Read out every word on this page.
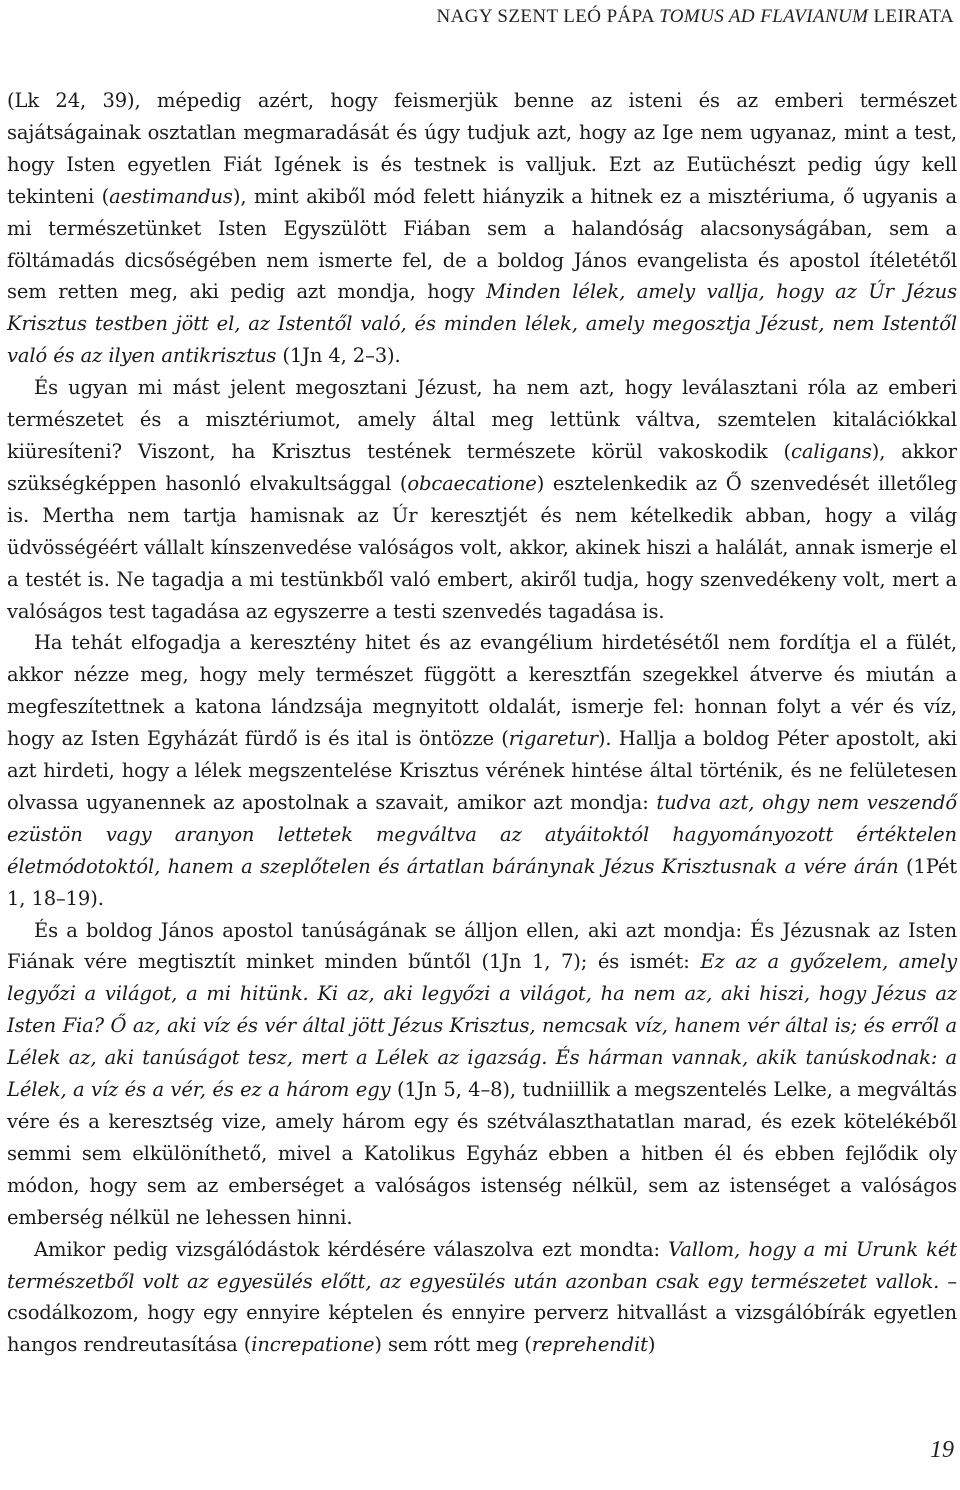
NAGY SZENT LEÓ PÁPA TOMUS AD FLAVIANUM LEIRATA

(Lk 24, 39), mépedig azért, hogy feismerjük benne az isteni és az emberi természet sajátságainak osztatlan megmaradását és úgy tudjuk azt, hogy az Ige nem ugyanaz, mint a test, hogy Isten egyetlen Fiát Igének is és testnek is valljuk. Ezt az Eutüchészt pedig úgy kell tekinteni (aestimandus), mint akiből mód felett hiányzik a hitnek ez a misztériuma, ő ugyanis a mi természetünket Isten Egyszülött Fiában sem a halandóság alacsonyságában, sem a föltámadás dicsőségében nem ismerte fel, de a boldog János evangelista és apostol ítéletétől sem retten meg, aki pedig azt mondja, hogy Minden lélek, amely vallja, hogy az Úr Jézus Krisztus testben jött el, az Istentől való, és minden lélek, amely megosztja Jézust, nem Istentől való és az ilyen antikrisztus (1Jn 4, 2–3).

És ugyan mi mást jelent megosztani Jézust, ha nem azt, hogy leválasztani róla az emberi természetet és a misztériumot, amely által meg lettünk váltva, szemtelen kitalációkkal kiüresíteni? Viszont, ha Krisztus testének természete körül vakoskodik (caligans), akkor szükségképpen hasonló elvakultsággal (obcaecatione) esztelenkedik az Ő szenvedését illetőleg is. Mertha nem tartja hamisnak az Úr keresztjét és nem kételkedik abban, hogy a világ üdvösségéért vállalt kínszenvedése valóságos volt, akkor, akinek hiszi a halálát, annak ismerje el a testét is. Ne tagadja a mi testünkből való embert, akiről tudja, hogy szenvedékeny volt, mert a valóságos test tagadása az egyszerre a testi szenvedés tagadása is.

Ha tehát elfogadja a keresztény hitet és az evangélium hirdetésétől nem fordítja el a fülét, akkor nézze meg, hogy mely természet függött a keresztfán szegekkel átverve és miután a megfeszítettnek a katona lándzsája megnyitott oldalát, ismerje fel: honnan folyt a vér és víz, hogy az Isten Egyházát fürdő is és ital is öntözze (rigaretur). Hallja a boldog Péter apostolt, aki azt hirdeti, hogy a lélek megszentelése Krisztus vérének hintése által történik, és ne felületesen olvassa ugyanennek az apostolnak a szavait, amikor azt mondja: tudva azt, ohgy nem veszendő ezüstön vagy aranyon lettetek megváltva az atyáitoktól hagyományozott értéktelen életmódotoktól, hanem a szeplőtelen és ártatlan báránynak Jézus Krisztusnak a vére árán (1Pét 1, 18–19).

És a boldog János apostol tanúságának se álljon ellen, aki azt mondja: És Jézusnak az Isten Fiának vére megtisztít minket minden bűntől (1Jn 1, 7); és ismét: Ez az a győzelem, amely legyőzi a világot, a mi hitünk. Ki az, aki legyőzi a világot, ha nem az, aki hiszi, hogy Jézus az Isten Fia? Ő az, aki víz és vér által jött Jézus Krisztus, nemcsak víz, hanem vér által is; és erről a Lélek az, aki tanúságot tesz, mert a Lélek az igazság. És hárman vannak, akik tanúskodnak: a Lélek, a víz és a vér, és ez a három egy (1Jn 5, 4–8), tudniillik a megszentelés Lelke, a megváltás vére és a keresztség vize, amely három egy és szétválaszthatatlan marad, és ezek kötelékéből semmi sem elkülöníthető, mivel a Katolikus Egyház ebben a hitben él és ebben fejlődik oly módon, hogy sem az emberséget a valóságos istenség nélkül, sem az istenséget a valóságos emberség nélkül ne lehessen hinni.

Amikor pedig vizsgálódástok kérdésére válaszolva ezt mondta: Vallom, hogy a mi Urunk két természetből volt az egyesülés előtt, az egyesülés után azonban csak egy természetet vallok. – csodálkozom, hogy egy ennyire képtelen és ennyire perverz hitvallást a vizsgálóbírák egyetlen hangos rendreutasítása (increpatione) sem rótt meg (reprehendit)

19
